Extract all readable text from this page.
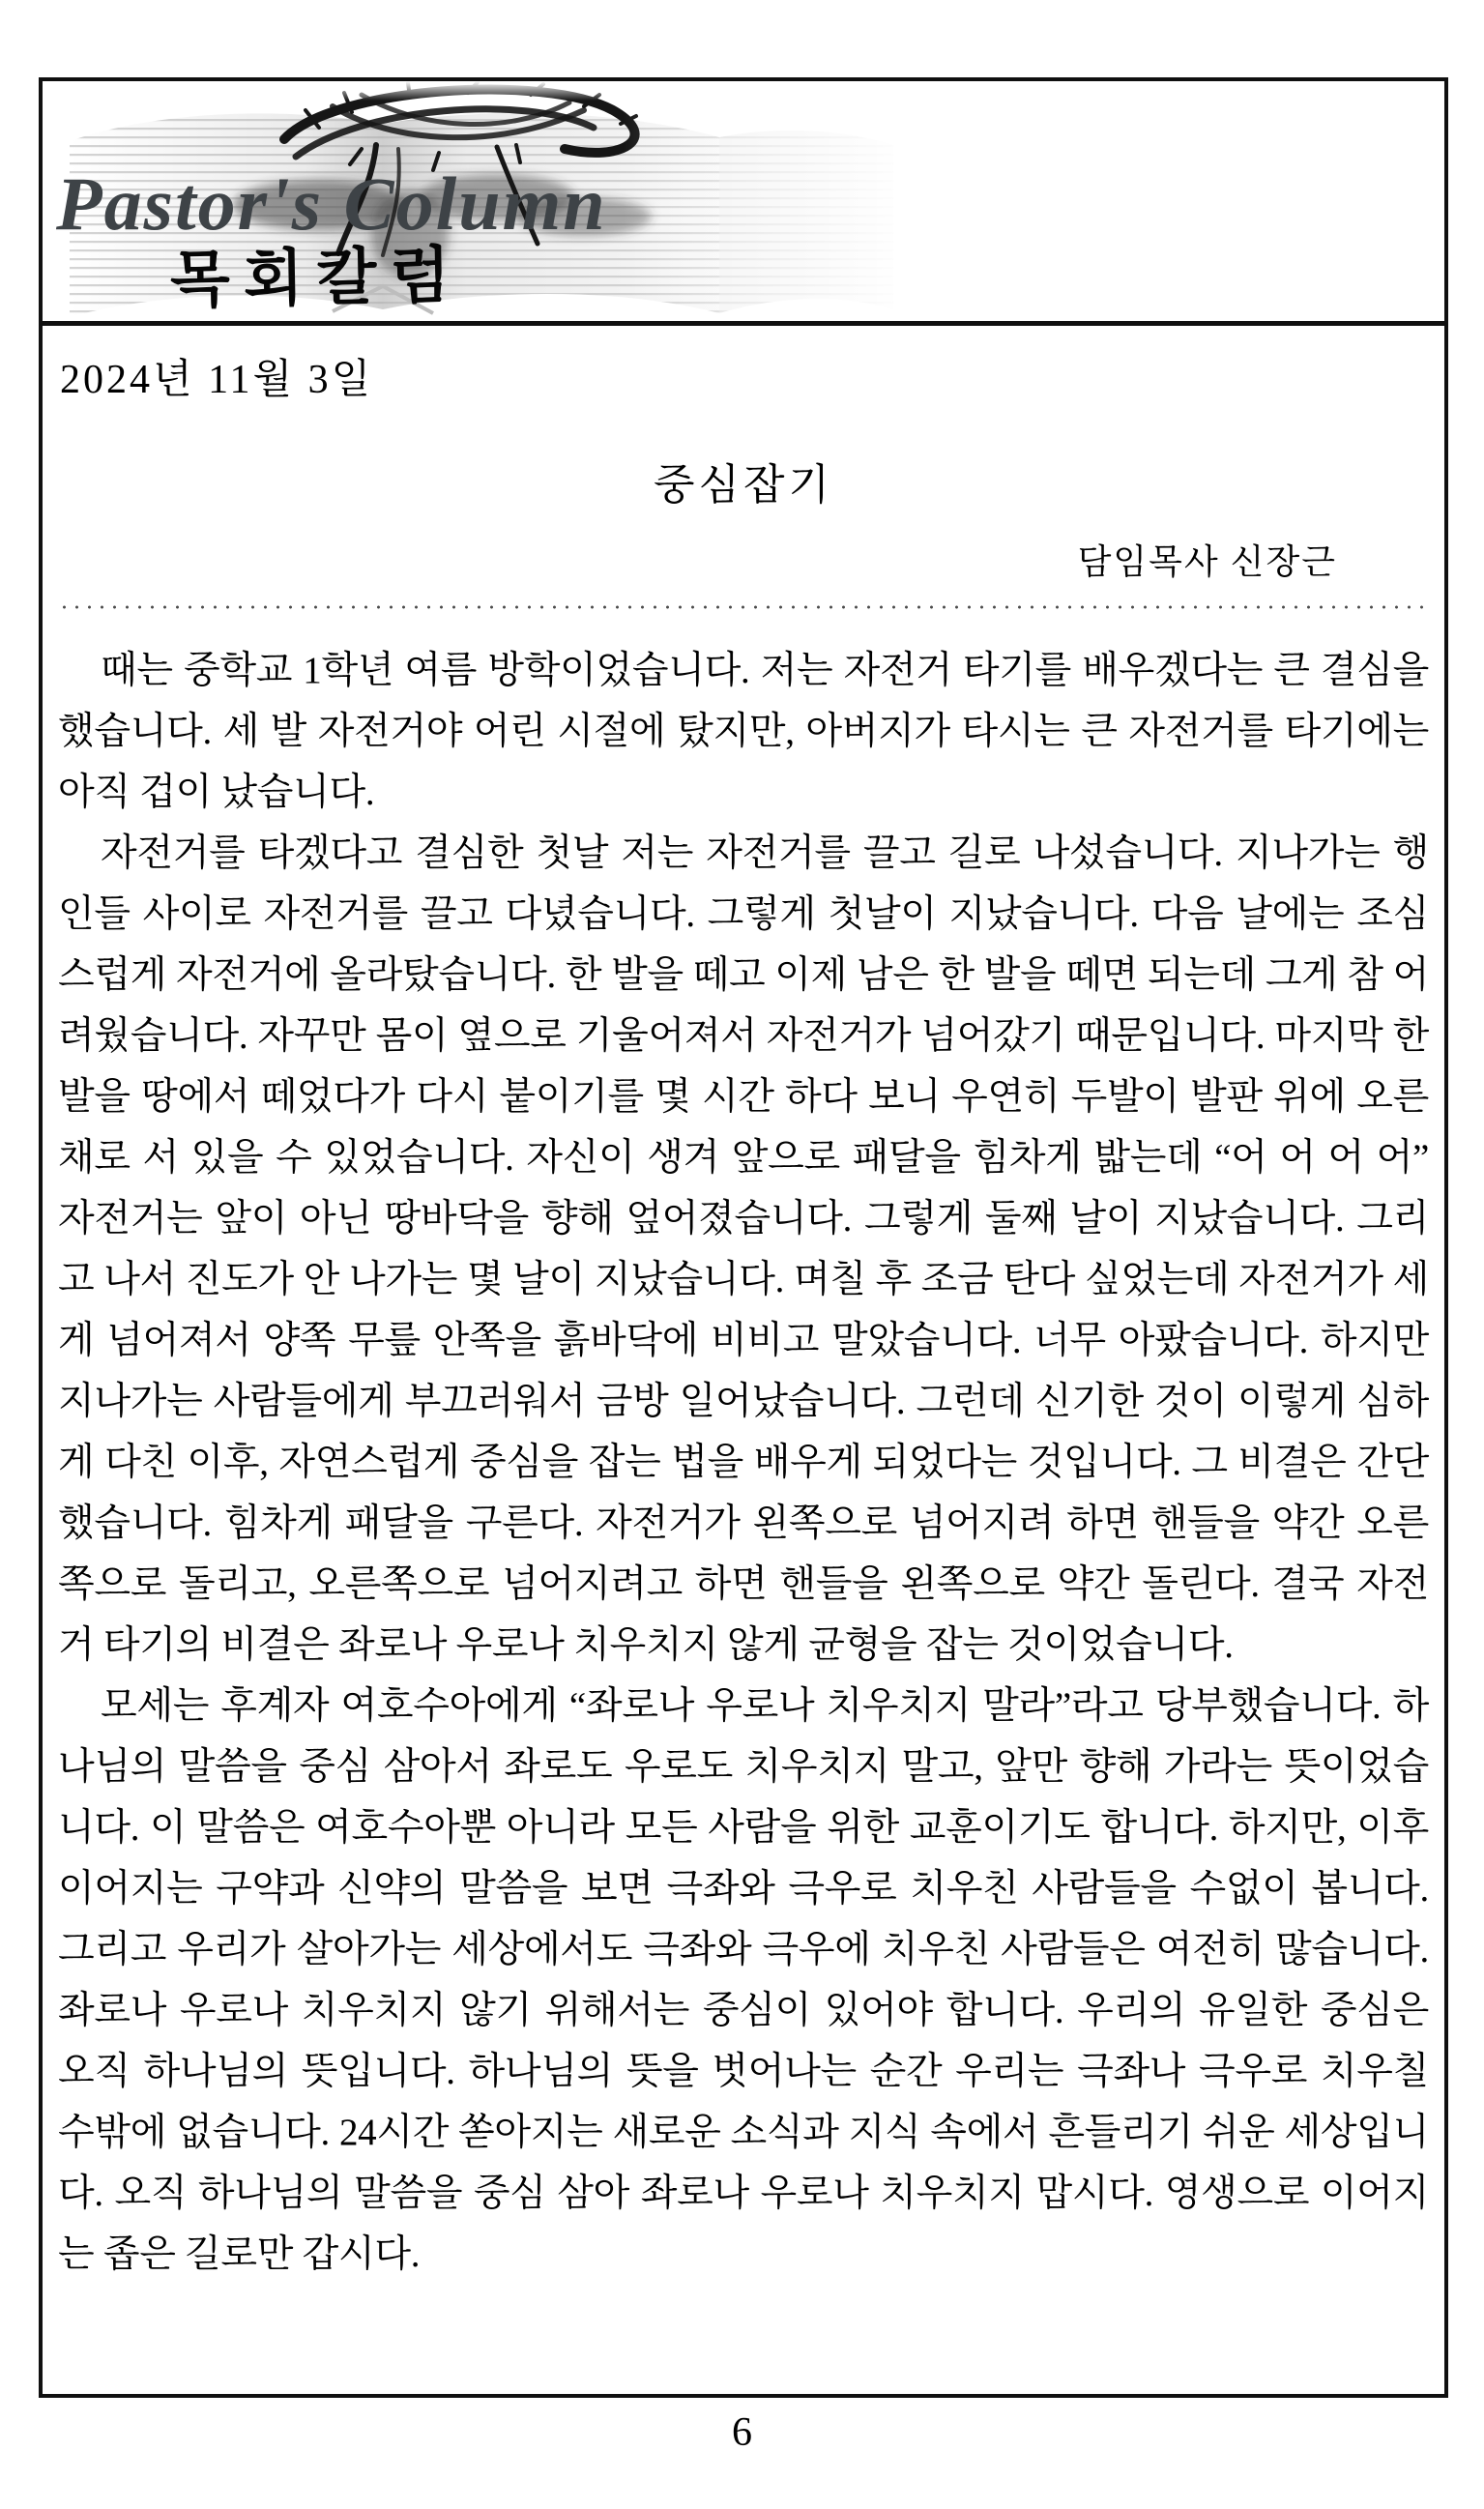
Pastor's Column
목회칼럼
2024년 11월 3일
중심잡기
담임목사 신장근

때는 중학교 1학년 여름 방학이었습니다. 저는 자전거 타기를 배우겠다는 큰 결심을 했습니다. 세 발 자전거야 어린 시절에 탔지만, 아버지가 타시는 큰 자전거를 타기에는 아직 겁이 났습니다.

자전거를 타겠다고 결심한 첫날 저는 자전거를 끌고 길로 나섰습니다. 지나가는 행인들 사이로 자전거를 끌고 다녔습니다. 그렇게 첫날이 지났습니다. 다음 날에는 조심스럽게 자전거에 올라탔습니다. 한 발을 떼고 이제 남은 한 발을 떼면 되는데 그게 참 어려웠습니다. 자꾸만 몸이 옆으로 기울어져서 자전거가 넘어갔기 때문입니다. 마지막 한 발을 땅에서 떼었다가 다시 붙이기를 몇 시간 하다 보니 우연히 두발이 발판 위에 오른 채로 서 있을 수 있었습니다. 자신이 생겨 앞으로 패달을 힘차게 밟는데 “어 어 어 어” 자전거는 앞이 아닌 땅바닥을 향해 엎어졌습니다. 그렇게 둘째 날이 지났습니다. 그리고 나서 진도가 안 나가는 몇 날이 지났습니다. 며칠 후 조금 탄다 싶었는데 자전거가 세게 넘어져서 양쪽 무릎 안쪽을 흙바닥에 비비고 말았습니다. 너무 아팠습니다. 하지만 지나가는 사람들에게 부끄러워서 금방 일어났습니다. 그런데 신기한 것이 이렇게 심하게 다친 이후, 자연스럽게 중심을 잡는 법을 배우게 되었다는 것입니다. 그 비결은 간단했습니다. 힘차게 패달을 구른다. 자전거가 왼쪽으로 넘어지려 하면 핸들을 약간 오른쪽으로 돌리고, 오른쪽으로 넘어지려고 하면 핸들을 왼쪽으로 약간 돌린다. 결국 자전거 타기의 비결은 좌로나 우로나 치우치지 않게 균형을 잡는 것이었습니다.

모세는 후계자 여호수아에게 “좌로나 우로나 치우치지 말라”라고 당부했습니다. 하나님의 말씀을 중심 삼아서 좌로도 우로도 치우치지 말고, 앞만 향해 가라는 뜻이었습니다. 이 말씀은 여호수아뿐 아니라 모든 사람을 위한 교훈이기도 합니다. 하지만, 이후 이어지는 구약과 신약의 말씀을 보면 극좌와 극우로 치우친 사람들을 수없이 봅니다. 그리고 우리가 살아가는 세상에서도 극좌와 극우에 치우친 사람들은 여전히 많습니다. 좌로나 우로나 치우치지 않기 위해서는 중심이 있어야 합니다. 우리의 유일한 중심은 오직 하나님의 뜻입니다. 하나님의 뜻을 벗어나는 순간 우리는 극좌나 극우로 치우칠 수밖에 없습니다. 24시간 쏟아지는 새로운 소식과 지식 속에서 흔들리기 쉬운 세상입니다. 오직 하나님의 말씀을 중심 삼아 좌로나 우로나 치우치지 맙시다. 영생으로 이어지는 좁은 길로만 갑시다.

6
